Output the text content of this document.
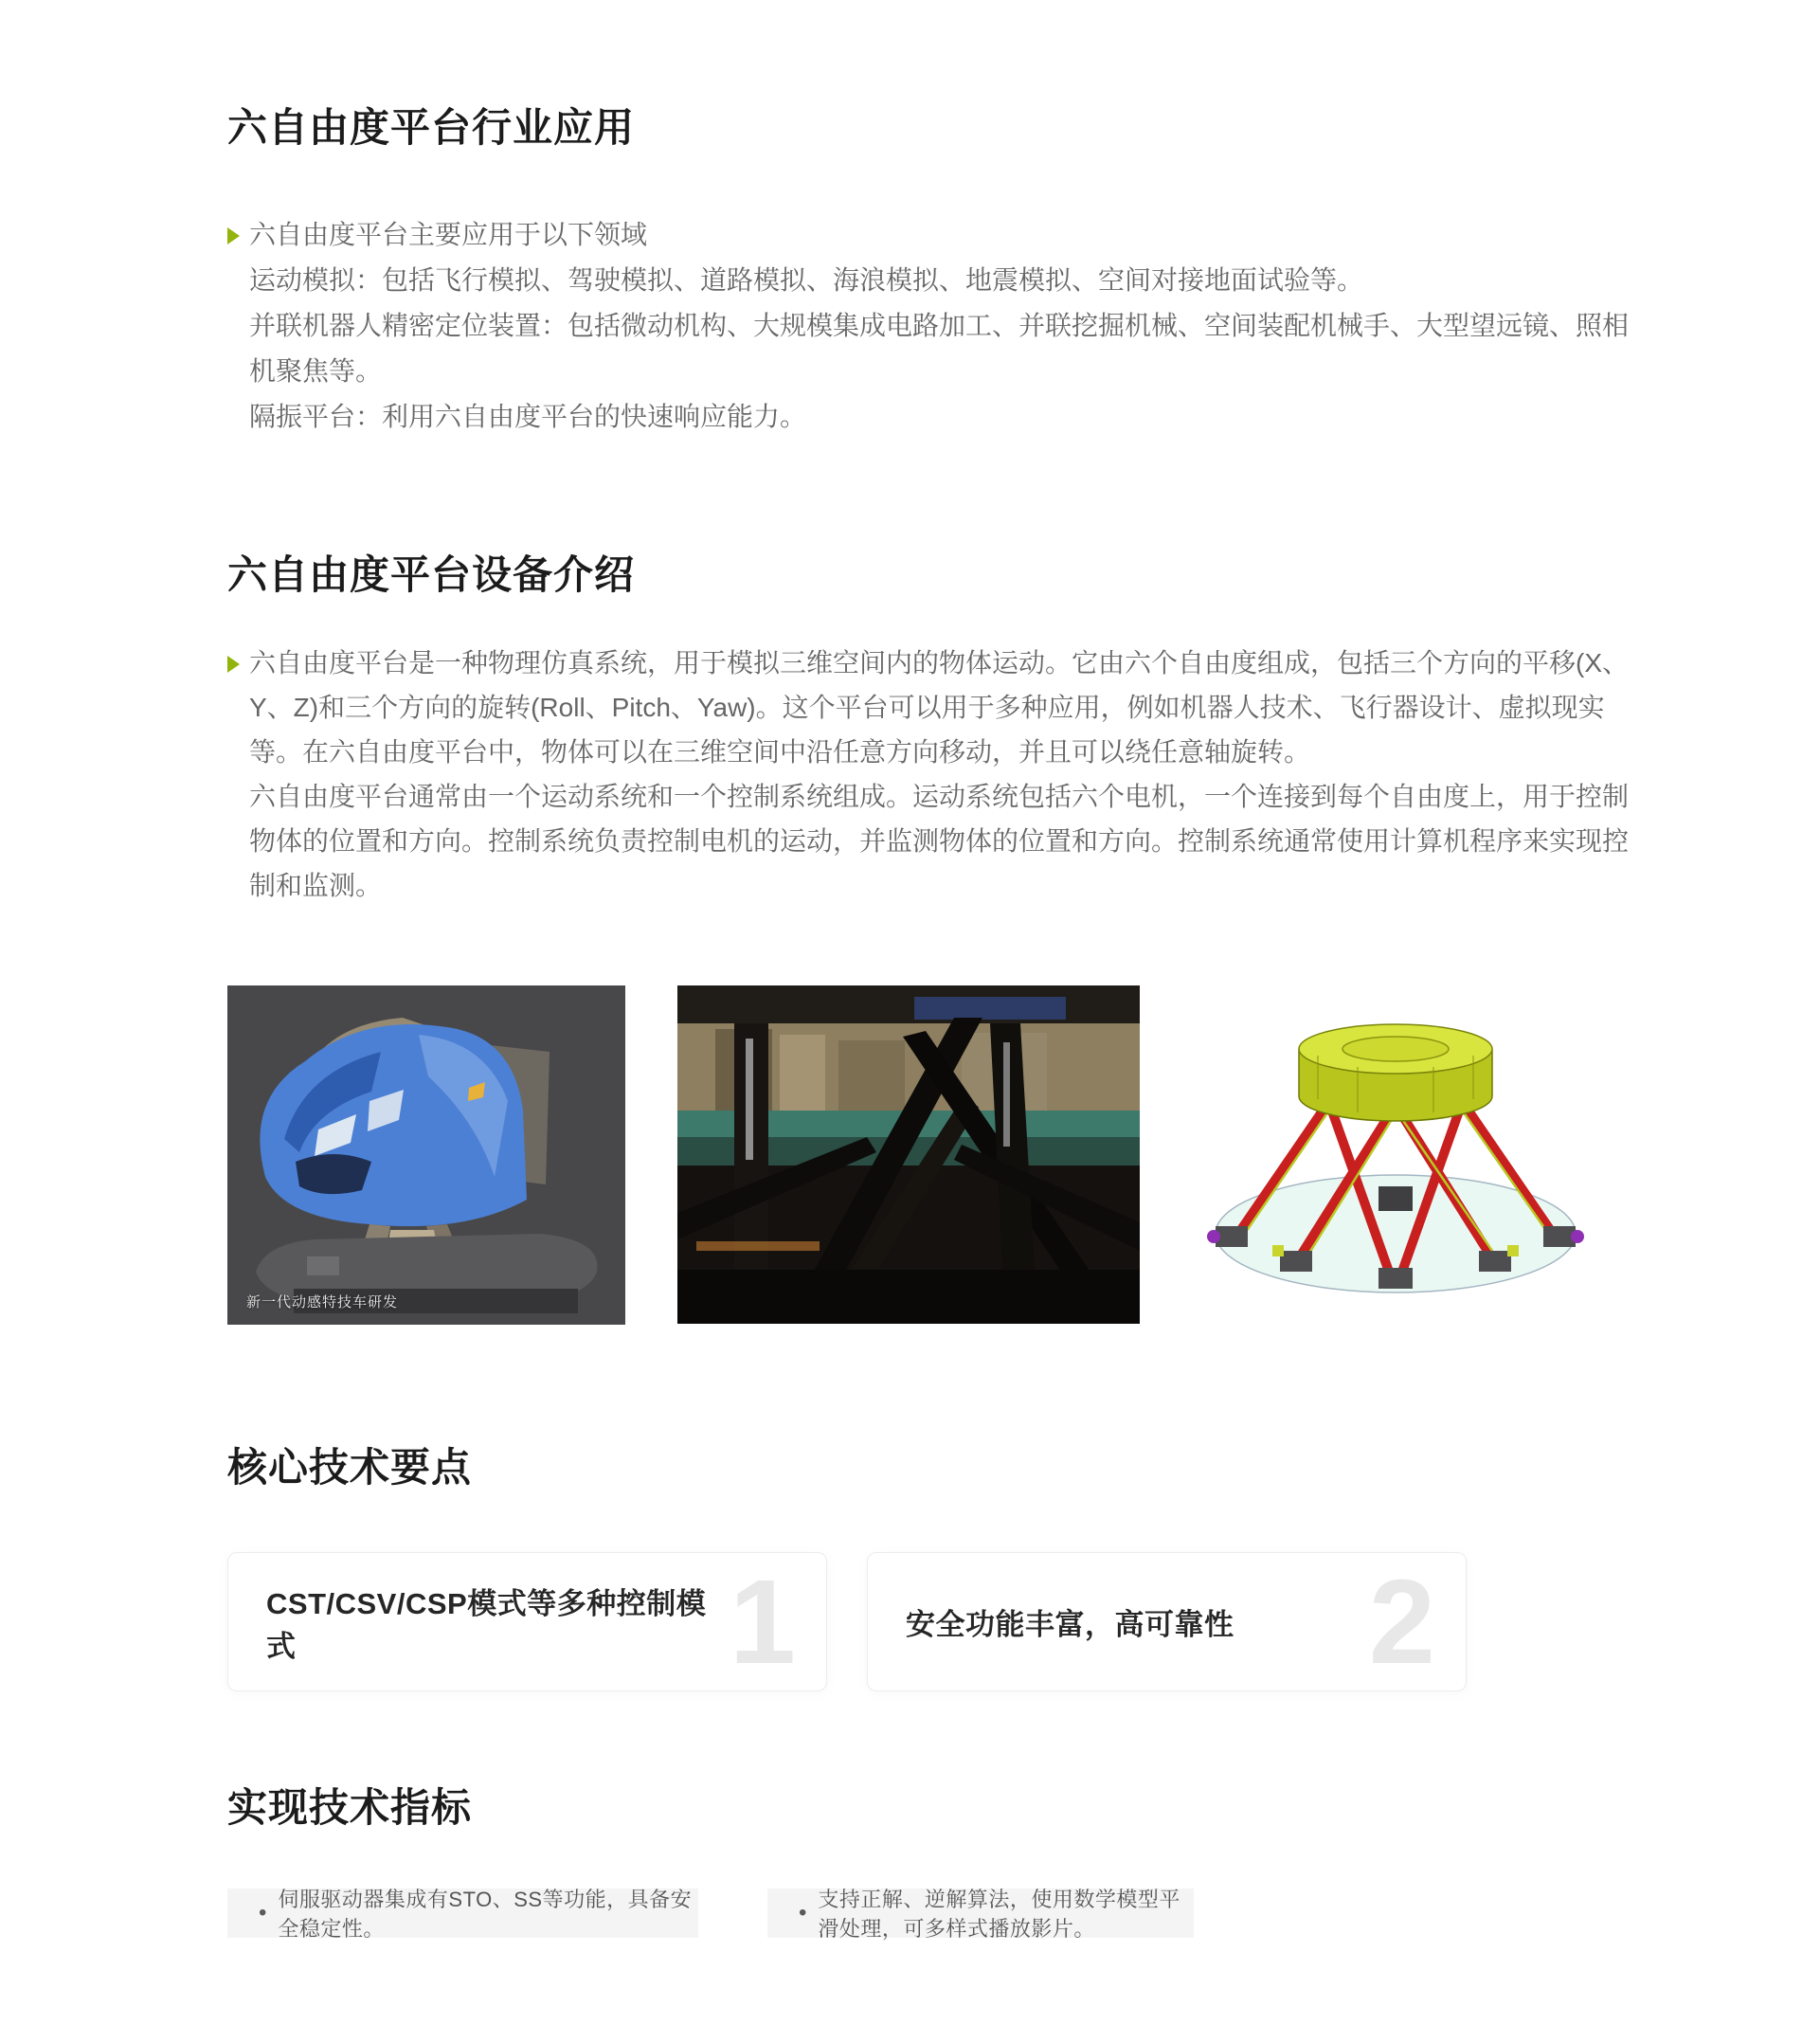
六自由度平台行业应用
六自由度平台主要应用于以下领域
运动模拟：包括飞行模拟、驾驶模拟、道路模拟、海浪模拟、地震模拟、空间对接地面试验等。
并联机器人精密定位装置：包括微动机构、大规模集成电路加工、并联挖掘机械、空间装配机械手、大型望远镜、照相机聚焦等。
隔振平台：利用六自由度平台的快速响应能力。
六自由度平台设备介绍

六自由度平台是一种物理仿真系统，用于模拟三维空间内的物体运动。它由六个自由度组成，包括三个方向的平移(X、Y、Z)和三个方向的旋转(Roll、Pitch、Yaw)。这个平台可以用于多种应用，例如机器人技术、飞行器设计、虚拟现实等。在六自由度平台中，物体可以在三维空间中沿任意方向移动，并且可以绕任意轴旋转。

六自由度平台通常由一个运动系统和一个控制系统组成。运动系统包括六个电机，一个连接到每个自由度上，用于控制物体的位置和方向。控制系统负责控制电机的运动，并监测物体的位置和方向。控制系统通常使用计算机程序来实现控制和监测。

新一代动感特技车研发
核心技术要点
CST/CSV/CSP模式等多种控制模式	1	安全功能丰富，高可靠性 2
实现技术指标
•
伺服驱动器集成有STO、SS等功能，具备安全稳定性。
•
支持正解、逆解算法，使用数学模型平滑处理，可多样式播放影片。
